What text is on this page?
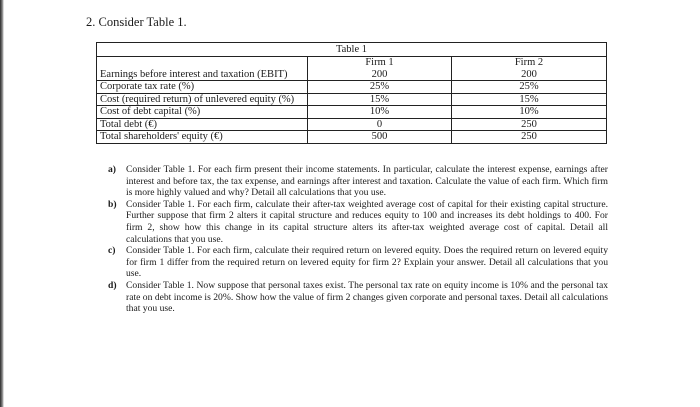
2. Consider Table 1.
Table 1		
	Firm 1	Firm 2
Earnings before interest and taxation (EBIT)	200	200
Corporate tax rate (%)	25%	25%
Cost (required return) of unlevered equity (%)	15%	15%
Cost of debt capital (%)	10%	10%
Total debt (€)	0	250
Total shareholders' equity (€)	500	250
a) Consider Table 1. For each firm present their income statements. In particular, calculate the interest expense, earnings after interest and before tax, the tax expense, and earnings after interest and taxation. Calculate the value of each firm. Which firm is more highly valued and why? Detail all calculations that you use.
b) Consider Table 1. For each firm, calculate their after-tax weighted average cost of capital for their existing capital structure. Further suppose that firm 2 alters it capital structure and reduces equity to 100 and increases its debt holdings to 400. For firm 2, show how this change in its capital structure alters its after-tax weighted average cost of capital. Detail all calculations that you use.
c) Consider Table 1. For each firm, calculate their required return on levered equity. Does the required return on levered equity for firm 1 differ from the required return on levered equity for firm 2? Explain your answer. Detail all calculations that you use.
d) Consider Table 1. Now suppose that personal taxes exist. The personal tax rate on equity income is 10% and the personal tax rate on debt income is 20%. Show how the value of firm 2 changes given corporate and personal taxes. Detail all calculations that you use.
